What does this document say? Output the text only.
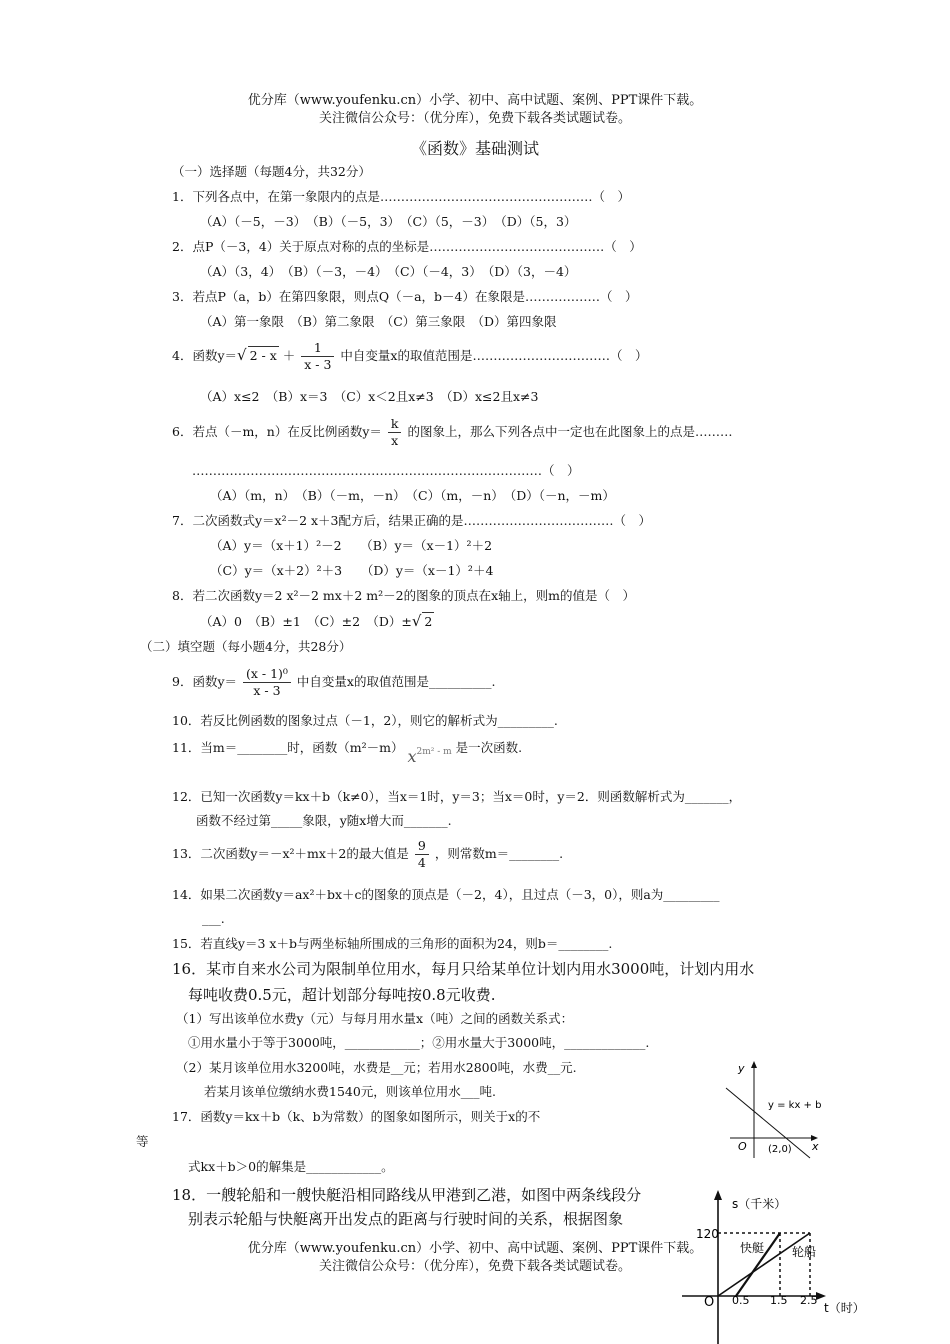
优分库（www.youfenku.cn）小学、初中、高中试题、案例、PPT课件下载。
关注微信公众号：（优分库），免费下载各类试题试卷。
《函数》基础测试
（一）选择题（每题4分，共32分）
1．下列各点中，在第一象限内的点是……………………………………………（　）
（A）（－5，－3）　（B）（－5，3）　（C）（5，－3）　（D）（5，3）
2．点P（－3，4）关于原点对称的点的坐标是……………………………………（　）
（A）（3，4）　（B）（－3，－4）　（C）（－4，3）　（D）（3，－4）
3．若点P（a，b）在第四象限，则点Q（－a，b－4）在象限是………………（　）
（A）第一象限　（B）第二象限　（C）第三象限　（D）第四象限
4．函数y＝√ $2 - x + \frac{1}{x - 3}$ 中自变量x的取值范围是……………………………（　）
（A）x≤2　（B）x＝3　（C）x＜2且x≠3　（D）x≤2且x≠3
6．若点（－m，n）在反比例函数$y= \frac{k}{x}$ 的图象上，那么下列各点中一定也在此图象上的点是………
…………………………………………………………………………（　）
（A）（m，n）　（B）（－m，－n）　（C）（m，－n）　（D）（－n，－m）
7．二次函数式y＝x²－2 x＋3配方后，结果正确的是………………………………（　）
（A）y＝（x＋1）²－2　　（B）y＝（x－1）²＋2
（C）y＝（x＋2）²＋3　　（D）y＝（x－1）²＋4
8．若二次函数y＝2 x²－2 mx＋2 m²－2的图象的顶点在x轴上，则m的值是（　）
（A）0　（B）±1　（C）±2　（D）±√ 2
（二）填空题（每小题4分，共28分）
9．函数$y= \frac{\text{(x - 1)⁰}}{x - 3}$ 中自变量x的取值范围是__________.
10．若反比例函数的图象过点（－1，2），则它的解析式为_________.
11．当m＝________时，函数（m²－m） x2m² - m 是一次函数.
12．已知一次函数y＝kx＋b（k≠0），当x＝1时，y＝3；当x＝0时，y＝2．则函数解析式为_______，
函数不经过第_____象限，y随x增大而_______.
13．二次函数y＝－x²＋mx＋2的最大值是 $\frac{9}{4}$ ，则常数m＝________.
14．如果二次函数y＝ax²＋bx＋c的图象的顶点是（－2，4），且过点（－3，0），则a为_________
___.
15．若直线y＝3 x＋b与两坐标轴所围成的三角形的面积为24，则b＝________.
16．某市自来水公司为限制单位用水，每月只给某单位计划内用水3000吨，计划内用水
每吨收费0.5元，超计划部分每吨按0.8元收费.
（1）写出该单位水费y（元）与每月用水量x（吨）之间的函数关系式：
①用水量小于等于3000吨，____________；②用水量大于3000吨，_____________.
（2）某月该单位用水3200吨，水费是__元；若用水2800吨，水费__元.
若某月该单位缴纳水费1540元，则该单位用水___吨.
17．函数y＝kx＋b（k、b为常数）的图象如图所示，则关于x的不
等
式kx＋b＞0的解集是____________。
y
x
O
y = kx + b
(2,0)
18．一艘轮船和一艘快艇沿相同路线从甲港到乙港，如图中两条线段分
别表示轮船与快艇离开出发点的距离与行驶时间的关系，根据图象
s（千米）
120
O 0.5 1.5 2.5
t（时）
快艇 轮船
优分库（www.youfenku.cn）小学、初中、高中试题、案例、PPT课件下载。
关注微信公众号：（优分库），免费下载各类试题试卷。
